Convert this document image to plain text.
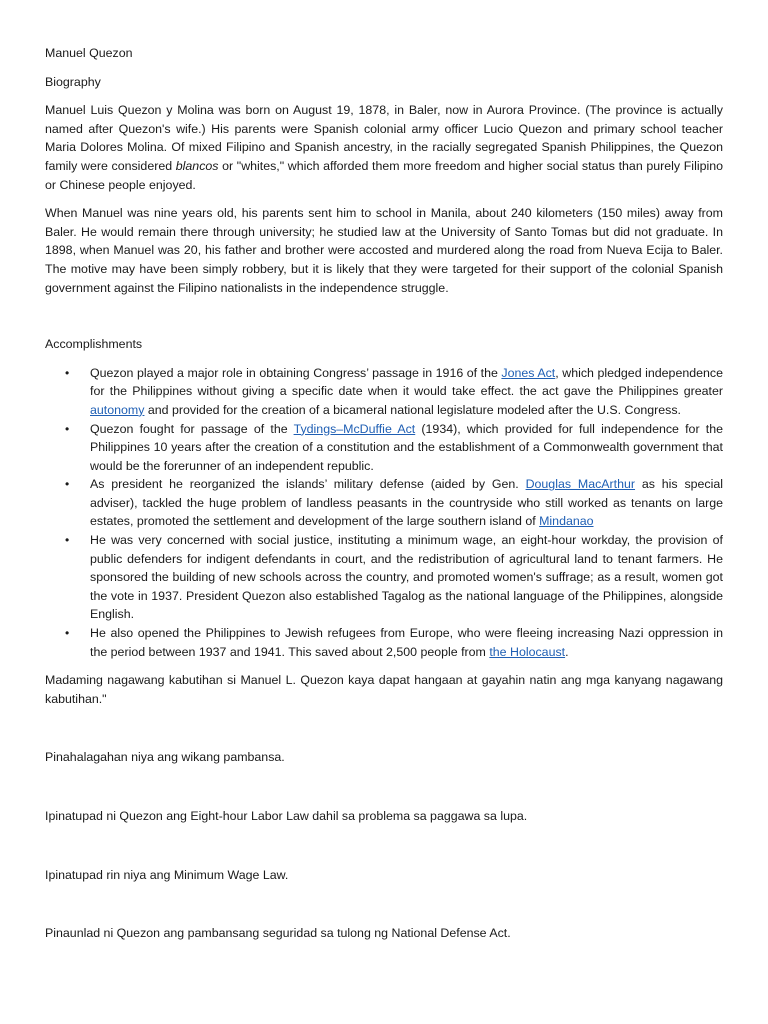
Manuel Quezon

Biography

Manuel Luis Quezon y Molina was born on August 19, 1878, in Baler, now in Aurora Province. (The province is actually named after Quezon's wife.) His parents were Spanish colonial army officer Lucio Quezon and primary school teacher Maria Dolores Molina. Of mixed Filipino and Spanish ancestry, in the racially segregated Spanish Philippines, the Quezon family were considered blancos or "whites," which afforded them more freedom and higher social status than purely Filipino or Chinese people enjoyed.

When Manuel was nine years old, his parents sent him to school in Manila, about 240 kilometers (150 miles) away from Baler. He would remain there through university; he studied law at the University of Santo Tomas but did not graduate. In 1898, when Manuel was 20, his father and brother were accosted and murdered along the road from Nueva Ecija to Baler. The motive may have been simply robbery, but it is likely that they were targeted for their support of the colonial Spanish government against the Filipino nationalists in the independence struggle.

Accomplishments

• Quezon played a major role in obtaining Congress’ passage in 1916 of the Jones Act, which pledged independence for the Philippines without giving a specific date when it would take effect. the act gave the Philippines greater autonomy and provided for the creation of a bicameral national legislature modeled after the U.S. Congress.
• Quezon fought for passage of the Tydings–McDuffie Act (1934), which provided for full independence for the Philippines 10 years after the creation of a constitution and the establishment of a Commonwealth government that would be the forerunner of an independent republic.
• As president he reorganized the islands’ military defense (aided by Gen. Douglas MacArthur as his special adviser), tackled the huge problem of landless peasants in the countryside who still worked as tenants on large estates, promoted the settlement and development of the large southern island of Mindanao
• He was very concerned with social justice, instituting a minimum wage, an eight-hour workday, the provision of public defenders for indigent defendants in court, and the redistribution of agricultural land to tenant farmers. He sponsored the building of new schools across the country, and promoted women's suffrage; as a result, women got the vote in 1937. President Quezon also established Tagalog as the national language of the Philippines, alongside English.
• He also opened the Philippines to Jewish refugees from Europe, who were fleeing increasing Nazi oppression in the period between 1937 and 1941. This saved about 2,500 people from the Holocaust.

Madaming nagawang kabutihan si Manuel L. Quezon kaya dapat hangaan at gayahin natin ang mga kanyang nagawang kabutihan."

Pinahalagahan niya ang wikang pambansa.

Ipinatupad ni Quezon ang Eight-hour Labor Law dahil sa problema sa paggawa sa lupa.

Ipinatupad rin niya ang Minimum Wage Law.

Pinaunlad ni Quezon ang pambansang seguridad sa tulong ng National Defense Act.
